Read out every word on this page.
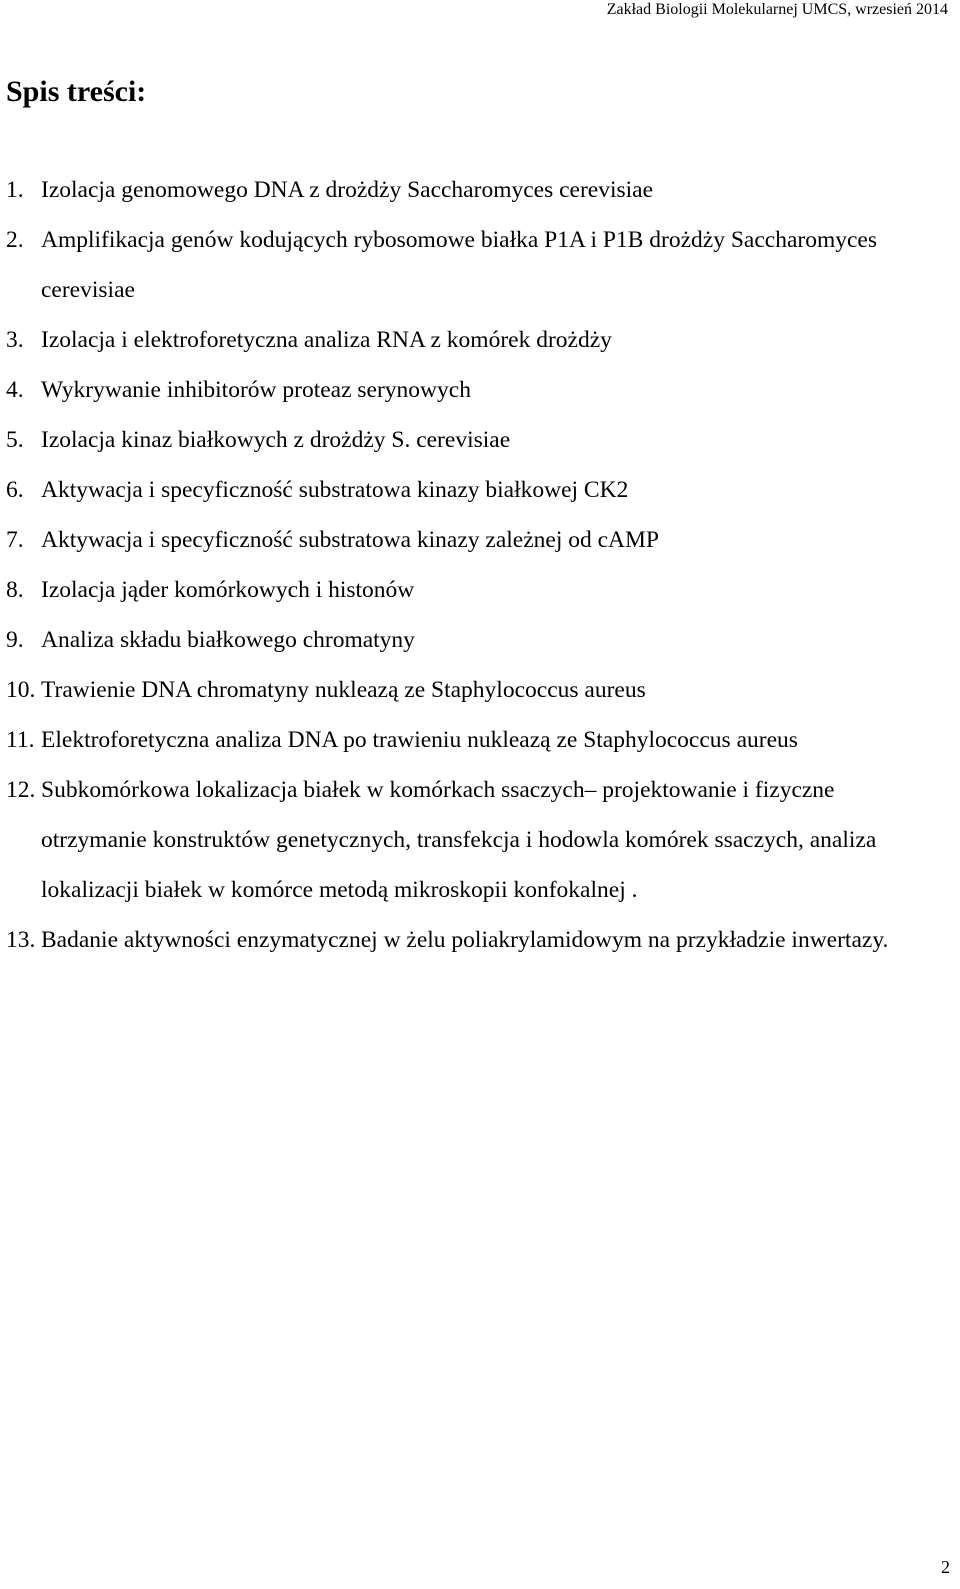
Zakład Biologii Molekularnej UMCS, wrzesień 2014
Spis treści:
1. Izolacja genomowego DNA z drożdży Saccharomyces cerevisiae
2. Amplifikacja genów kodujących rybosomowe białka P1A i P1B drożdży Saccharomyces cerevisiae
3. Izolacja i elektroforetyczna analiza RNA z komórek drożdży
4. Wykrywanie inhibitorów proteaz serynowych
5. Izolacja kinaz białkowych z drożdży S. cerevisiae
6. Aktywacja i specyficzność substratowa kinazy białkowej CK2
7. Aktywacja i specyficzność substratowa kinazy zależnej od cAMP
8. Izolacja jąder komórkowych i histonów
9. Analiza składu białkowego chromatyny
10. Trawienie DNA chromatyny nukleazą ze Staphylococcus aureus
11. Elektroforetyczna analiza DNA po trawieniu nukleazą ze Staphylococcus aureus
12. Subkomórkowa lokalizacja białek w komórkach ssaczych– projektowanie i fizyczne otrzymanie konstruktów genetycznych, transfekcja i hodowla komórek ssaczych, analiza lokalizacji białek w komórce metodą mikroskopii konfokalnej .
13. Badanie aktywności enzymatycznej w żelu poliakrylamidowym na przykładzie inwertazy.
2
